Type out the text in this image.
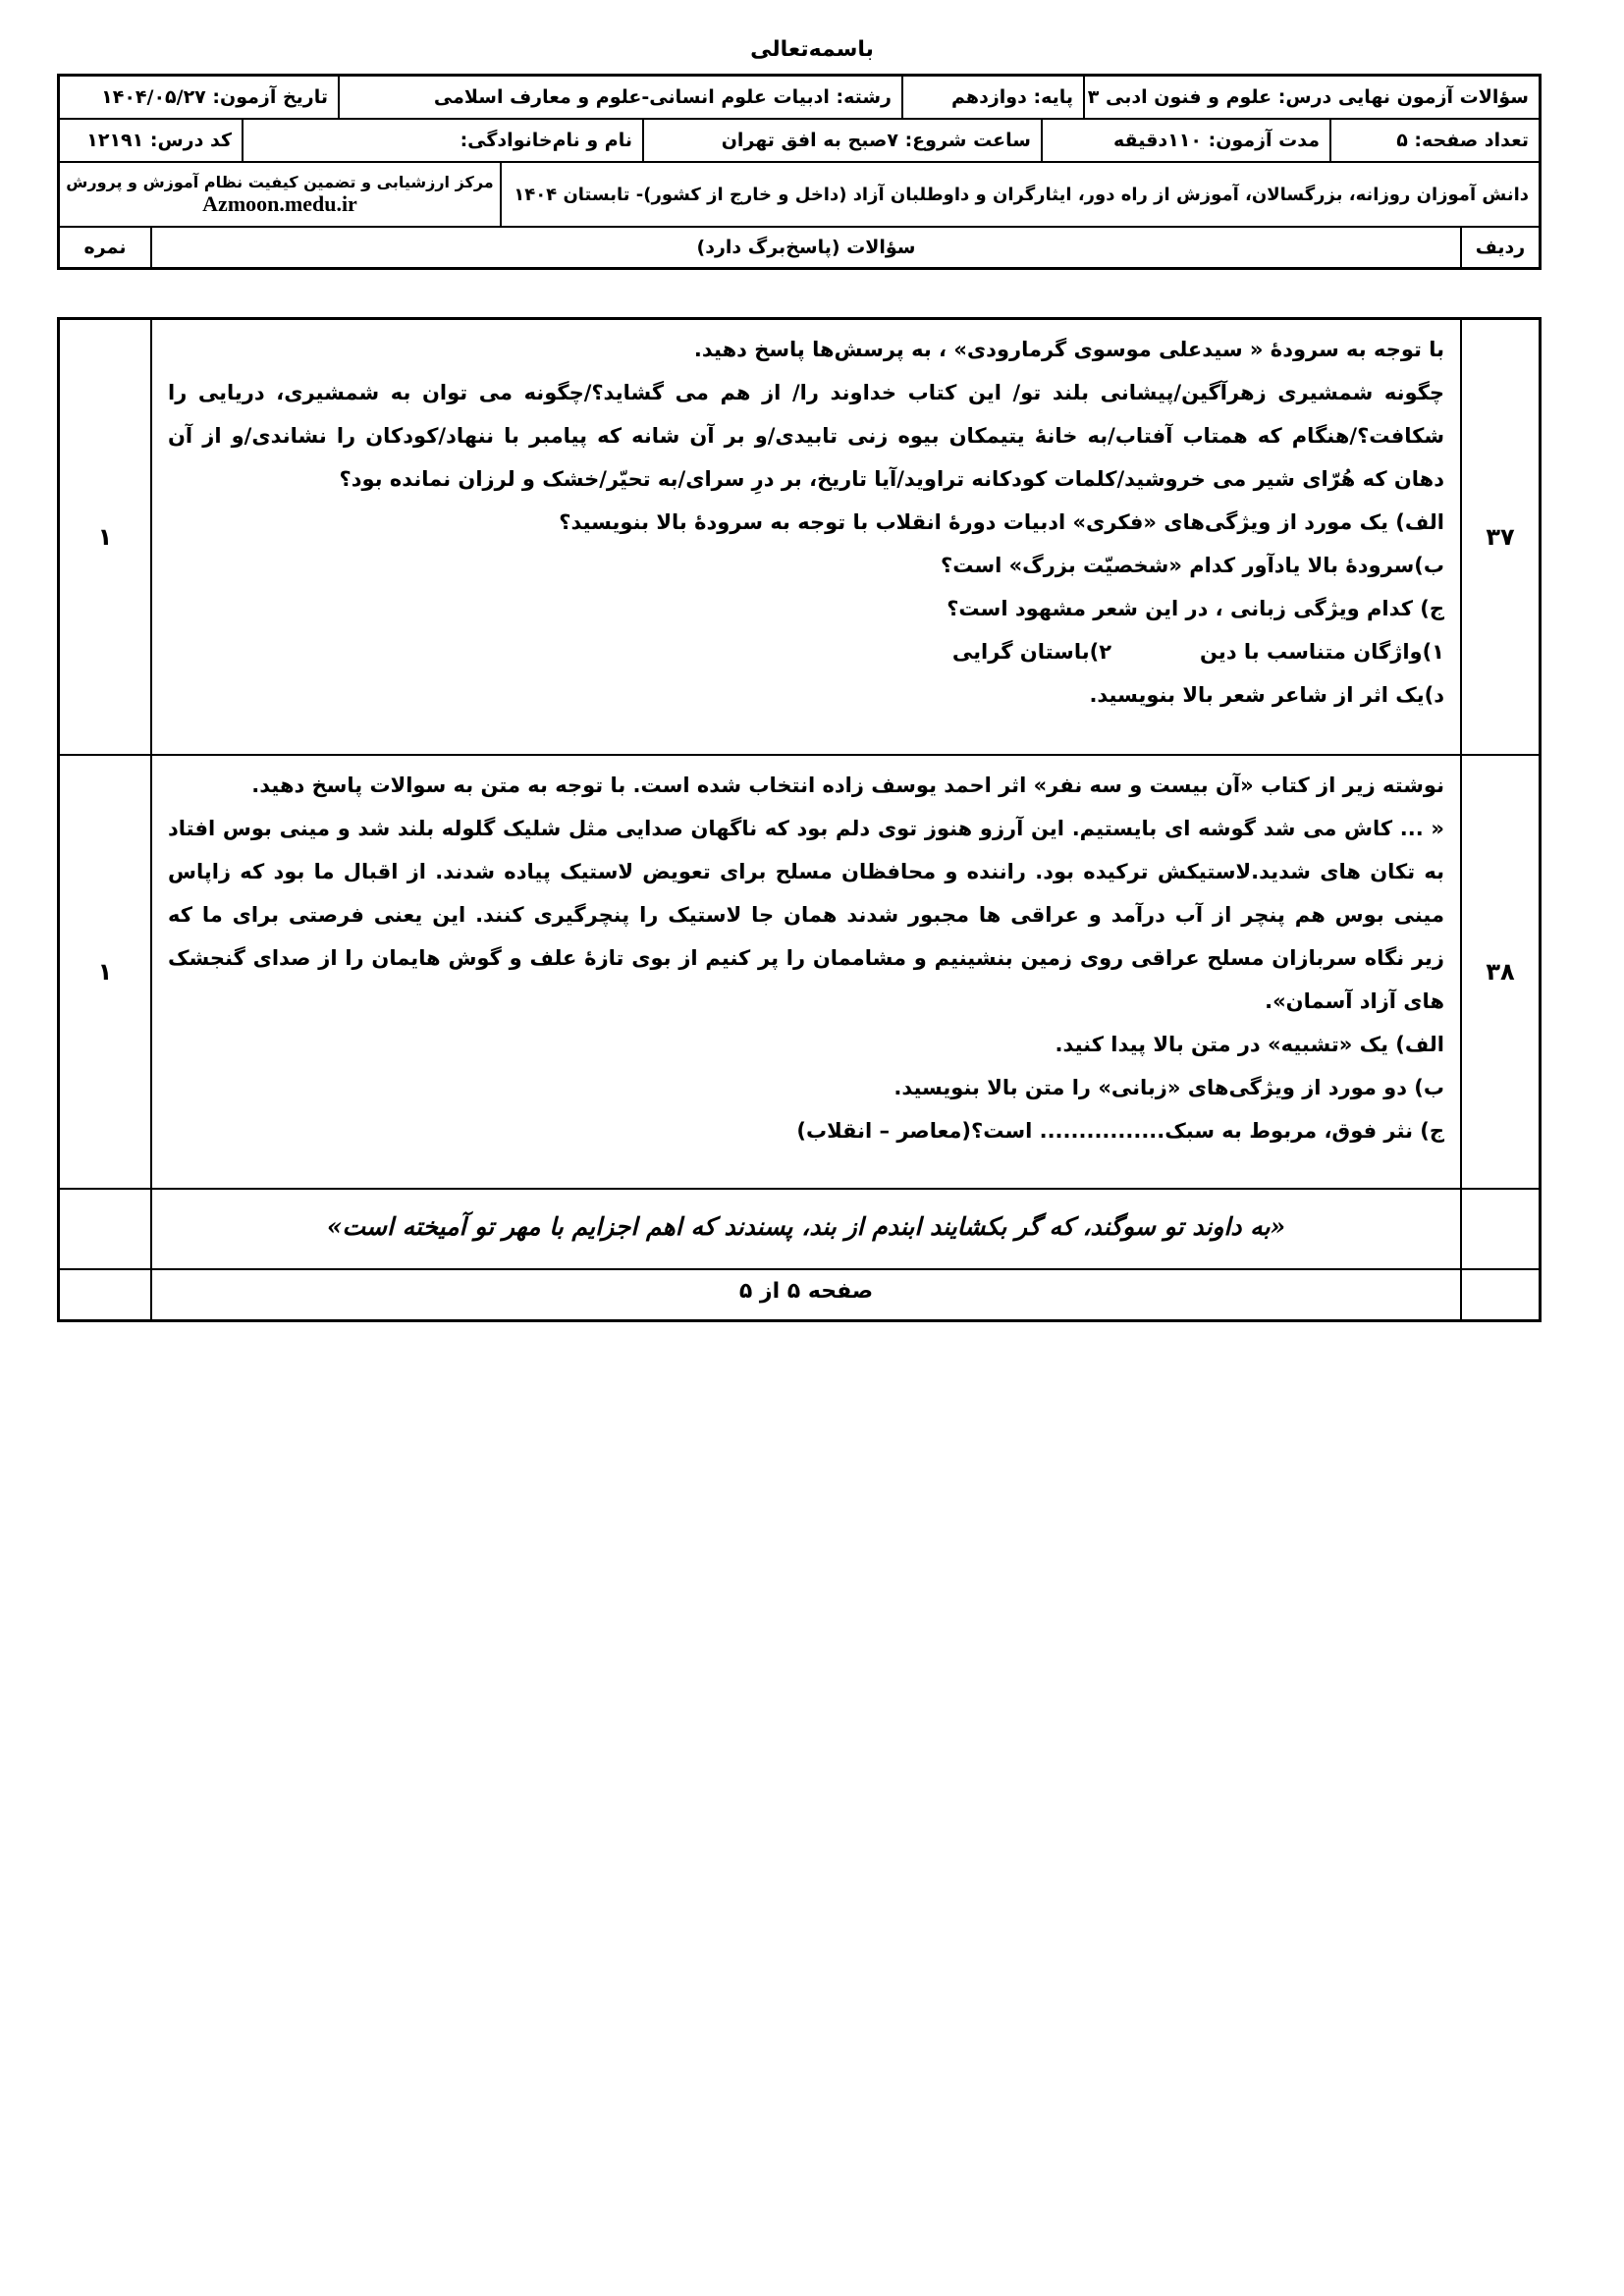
باسمه‌تعالی
سؤالات آزمون نهایی درس: علوم و فنون ادبی ۳
پایه: دوازدهم
رشته: ادبیات علوم انسانی-علوم و معارف اسلامی
تاریخ آزمون: ۱۴۰۴/۰۵/۲۷
تعداد صفحه: ۵
مدت آزمون: ۱۱۰دقیقه
ساعت شروع: ۷صبح به افق تهران
نام و نام‌خانوادگی:
کد درس: ۱۲۱۹۱
دانش آموزان روزانه، بزرگسالان، آموزش از راه دور، ایثارگران و داوطلبان آزاد (داخل و خارج از کشور)- تابستان ۱۴۰۴
مرکز ارزشیابی و تضمین کیفیت نظام آموزش و پرورش
Azmoon.medu.ir
ردیف
سؤالات (پاسخ‌برگ دارد)
نمره
۳۷
با توجه به سرودهٔ « سیدعلی موسوی گرمارودی» ، به پرسش‌ها پاسخ دهید.
چگونه شمشیری زهرآگین/پیشانی بلند تو/ این کتاب خداوند را/ از هم می گشاید؟/چگونه می توان به شمشیری، دریایی را
شکافت؟/هنگام که همتاب آفتاب/به خانهٔ یتیمکان بیوه زنی تابیدی/و بر آن شانه که پیامبر با ننهاد/کودکان را نشاندی/و از آن
دهان که هُرّای شیر می خروشید/کلمات کودکانه تراوید/آیا تاریخ، بر درِ سرای/به تحیّر/خشک و لرزان نمانده بود؟
الف) یک مورد از ویژگی‌های «فکری» ادبیات دورهٔ انقلاب با توجه به سرودهٔ بالا بنویسید؟
ب)سرودهٔ بالا یادآور کدام «شخصیّت بزرگ» است؟
ج) کدام ویژگی زبانی ، در این شعر مشهود است؟
۱)واژگان متناسب با دین
۲)باستان گرایی
د)یک اثر از شاعر شعر بالا بنویسید.
۱
۳۸
نوشته زیر از کتاب «آن بیست و سه نفر» اثر احمد یوسف زاده انتخاب شده است. با توجه به متن به سوالات پاسخ دهید.
« ... کاش می شد گوشه ای بایستیم. این آرزو هنوز توی دلم بود که ناگهان صدایی مثل شلیک گلوله بلند شد و مینی بوس افتاد
به تکان های شدید.لاستیکش ترکیده بود. راننده و محافظان مسلح برای تعویض لاستیک پیاده شدند. از اقبال ما بود که زاپاس
مینی بوس هم پنچر از آب درآمد و عراقی ها مجبور شدند همان جا لاستیک را پنچرگیری کنند. این یعنی فرصتی برای ما که
زیر نگاه سربازان مسلح عراقی روی زمین بنشینیم و مشاممان را پر کنیم از بوی تازهٔ علف و گوش هایمان را از صدای گنجشک
های آزاد آسمان».
الف) یک «تشبیه» در متن بالا پیدا کنید.
ب) دو مورد از ویژگی‌های «زبانی» را متن بالا بنویسید.
ج) نثر فوق، مربوط به سبک................ است؟(معاصر – انقلاب)
۱
«به داوند تو سوگند، که گر بکشایند ابندم از بند، پسندند که اهم اجزایم با مهر تو آمیخته است»
صفحه ۵ از ۵
